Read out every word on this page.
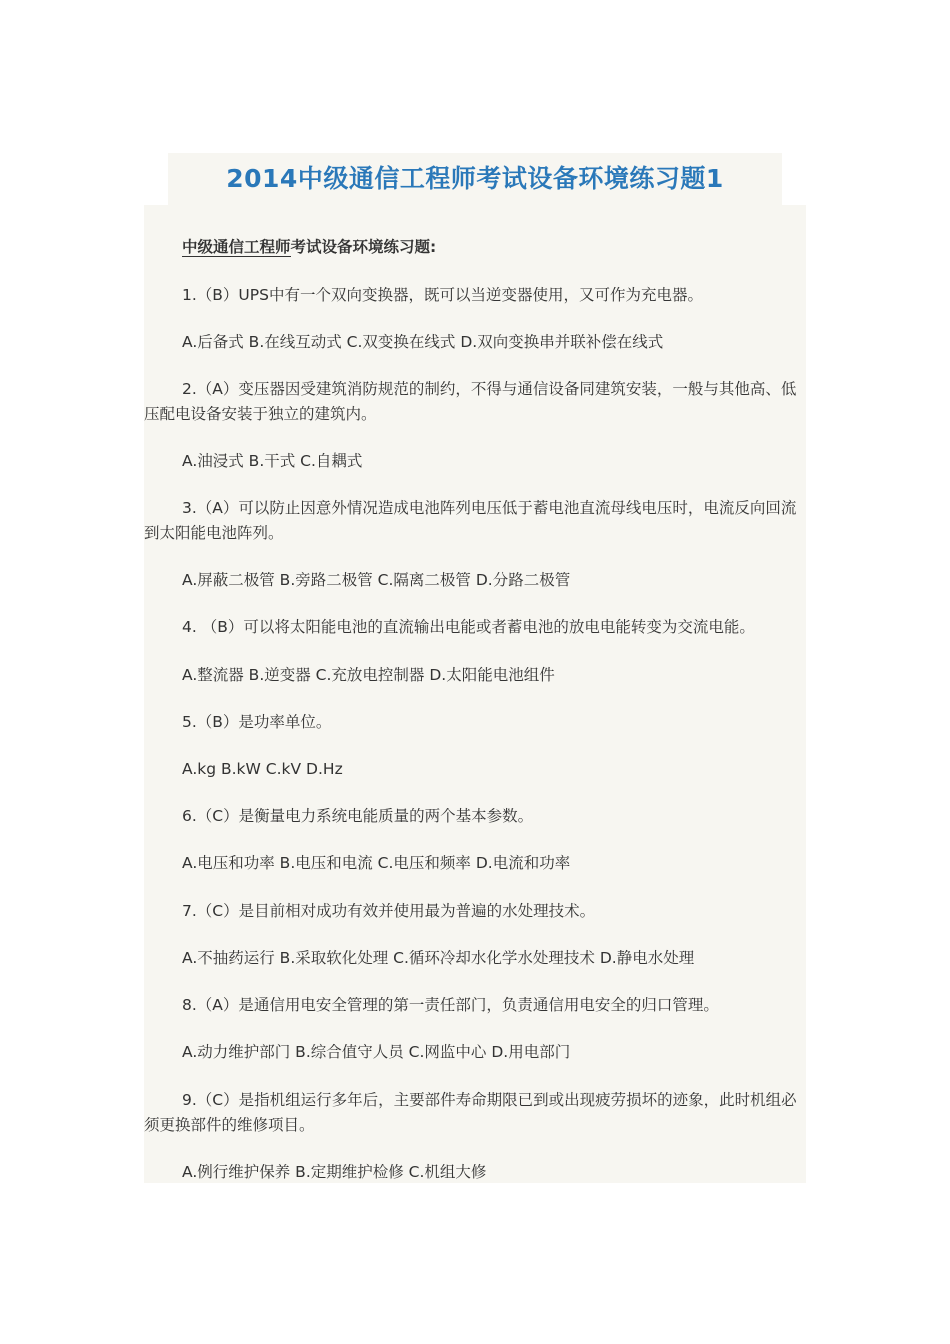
2014中级通信工程师考试设备环境练习题1

中级通信工程师考试设备环境练习题:

1.（B）UPS中有一个双向变换器，既可以当逆变器使用，又可作为充电器。

A.后备式 B.在线互动式 C.双变换在线式 D.双向变换串并联补偿在线式

2.（A）变压器因受建筑消防规范的制约，不得与通信设备同建筑安装，一般与其他高、低压配电设备安装于独立的建筑内。

A.油浸式 B.干式 C.自耦式

3.（A）可以防止因意外情况造成电池阵列电压低于蓄电池直流母线电压时，电流反向回流到太阳能电池阵列。

A.屏蔽二极管 B.旁路二极管 C.隔离二极管 D.分路二极管

4. （B）可以将太阳能电池的直流输出电能或者蓄电池的放电电能转变为交流电能。

A.整流器 B.逆变器 C.充放电控制器 D.太阳能电池组件

5.（B）是功率单位。

A.kg B.kW C.kV D.Hz

6.（C）是衡量电力系统电能质量的两个基本参数。

A.电压和功率 B.电压和电流 C.电压和频率 D.电流和功率

7.（C）是目前相对成功有效并使用最为普遍的水处理技术。

A.不抽药运行 B.采取软化处理 C.循环冷却水化学水处理技术 D.静电水处理

8.（A）是通信用电安全管理的第一责任部门，负责通信用电安全的归口管理。

A.动力维护部门 B.综合值守人员 C.网监中心 D.用电部门

9.（C）是指机组运行多年后，主要部件寿命期限已到或出现疲劳损坏的迹象，此时机组必须更换部件的维修项目。

A.例行维护保养 B.定期维护检修 C.机组大修
